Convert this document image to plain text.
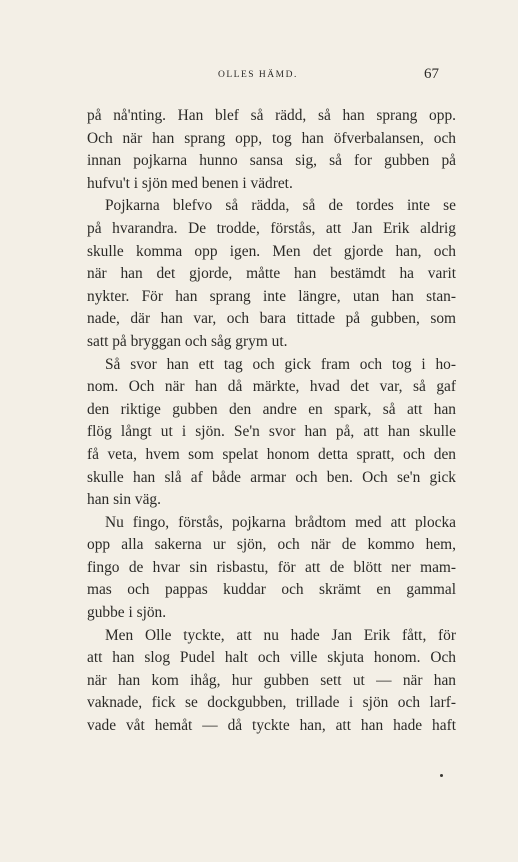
OLLES HÄMD.	67
på nå'nting. Han blef så rädd, så han sprang opp.
Och när han sprang opp, tog han öfverbalansen, och
innan pojkarna hunno sansa sig, så for gubben på
hufvu't i sjön med benen i vädret.
Pojkarna blefvo så rädda, så de tordes inte se
på hvarandra. De trodde, förstås, att Jan Erik aldrig
skulle komma opp igen. Men det gjorde han, och
när han det gjorde, måtte han bestämdt ha varit
nykter. För han sprang inte längre, utan han stan-
nade, där han var, och bara tittade på gubben, som
satt på bryggan och såg grym ut.
Så svor han ett tag och gick fram och tog i ho-
nom. Och när han då märkte, hvad det var, så gaf
den riktige gubben den andre en spark, så att han
flög långt ut i sjön. Se'n svor han på, att han skulle
få veta, hvem som spelat honom detta spratt, och den
skulle han slå af både armar och ben. Och se'n gick
han sin väg.
Nu fingo, förstås, pojkarna brådtom med att plocka
opp alla sakerna ur sjön, och när de kommo hem,
fingo de hvar sin risbastu, för att de blött ner mam-
mas och pappas kuddar och skrämt en gammal
gubbe i sjön.
Men Olle tyckte, att nu hade Jan Erik fått, för
att han slog Pudel halt och ville skjuta honom. Och
när han kom ihåg, hur gubben sett ut — när han
vaknade, fick se dockgubben, trillade i sjön och larf-
vade våt hemåt — då tyckte han, att han hade haft
